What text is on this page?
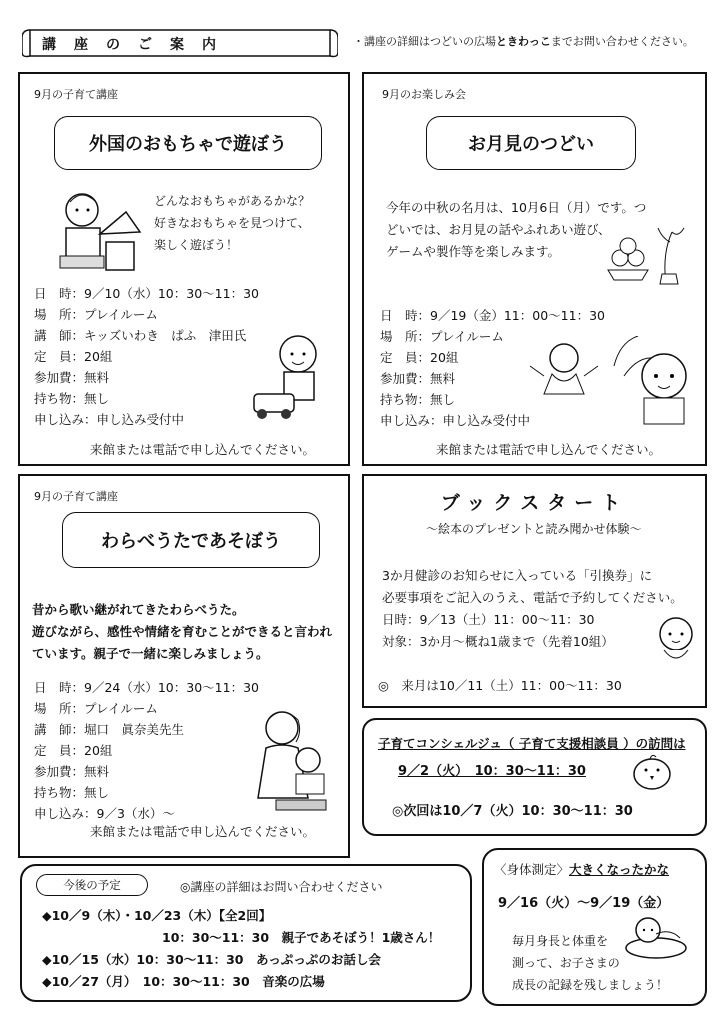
講　座　の　ご　案　内	・講座の詳細はつどいの広場ときわっこまでお問い合わせください。
9月の子育て講座
外国のおもちゃで遊ぼう
どんなおもちゃがあるかな？
好きなおもちゃを見つけて、
楽しく遊ぼう！
日　時：9／10（水）10：30〜11：30
場　所：プレイルーム
講　師：キッズいわき　ぱふ　津田氏
定　員：20組
参加費：無料
持ち物：無し
申し込み：申し込み受付中
来館または電話で申し込んでください。
9月のお楽しみ会
お月見のつどい
今年の中秋の名月は、10月6日（月）です。つ
どいでは、お月見の話やふれあい遊び、
ゲームや製作等を楽しみます。
日　時：9／19（金）11：00〜11：30
場　所：プレイルーム
定　員：20組
参加費：無料
持ち物：無し
申し込み：申し込み受付中
来館または電話で申し込んでください。
9月の子育て講座
わらべうたであそぼう
昔から歌い継がれてきたわらべうた。
遊びながら、感性や情緒を育むことができると言われ
ています。親子で一緒に楽しみましょう。
日　時：9／24（水）10：30〜11：30
場　所：プレイルーム
講　師：堀口　眞奈美先生
定　員：20組
参加費：無料
持ち物：無し
申し込み：9／3（水）〜
来館または電話で申し込んでください。
ブックスタート
〜絵本のプレゼントと読み聞かせ体験〜
3か月健診のお知らせに入っている「引換券」に
必要事項をご記入のうえ、電話で予約してください。
日時：9／13（土）11：00〜11：30
対象：3か月〜概ね1歳まで（先着10組）
◎　来月は10／11（土）11：00〜11：30
子育てコンシェルジュ（ 子育て支援相談員 ）の訪問は
9／2（火）　10：30〜11：30
◎次回は10／7（火）10：30〜11：30
今後の予定	◎講座の詳細はお問い合わせください
◆10／9（木）・10／23（木）【全2回】
10：30〜11：30　親子であそぼう！1歳さん！
◆10／15（水）10：30〜11：30　あっぷっぷのお話し会
◆10／27（月）　10：30〜11：30　音楽の広場
〈身体測定〉大きくなったかな
9／16（火）〜9／19（金）
毎月身長と体重を
測って、お子さまの
成長の記録を残しましょう！
